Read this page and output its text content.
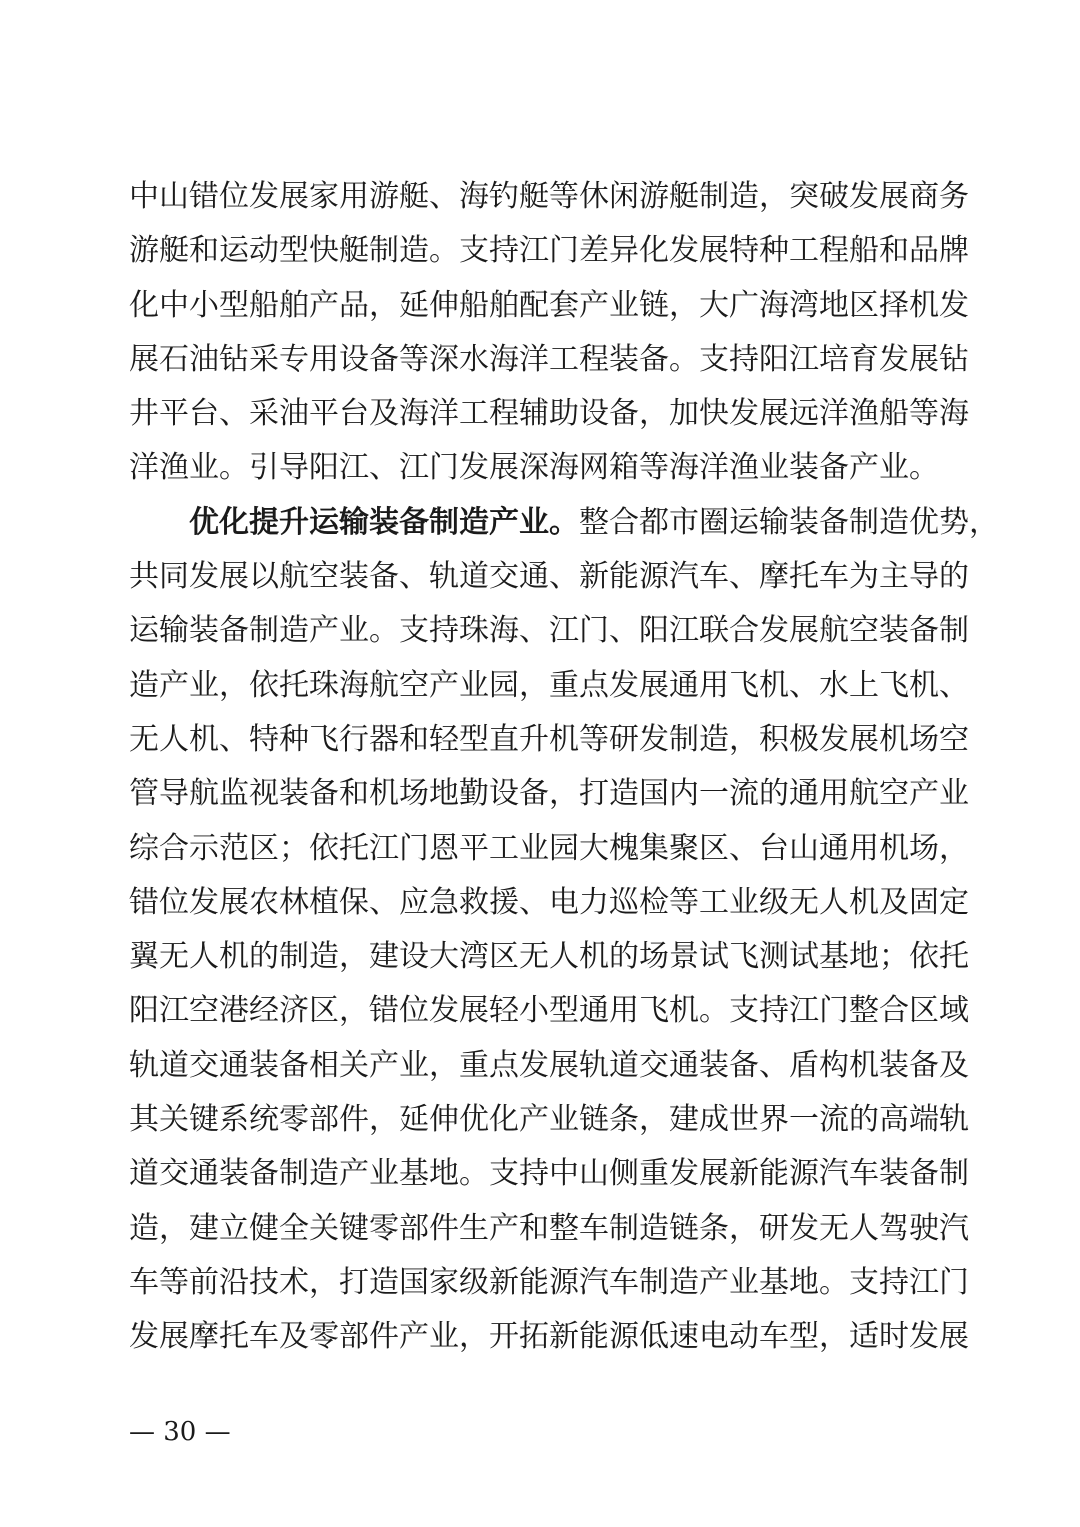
中山错位发展家用游艇、海钓艇等休闲游艇制造，突破发展商务
游艇和运动型快艇制造。支持江门差异化发展特种工程船和品牌
化中小型船舶产品，延伸船舶配套产业链，大广海湾地区择机发
展石油钻采专用设备等深水海洋工程装备。支持阳江培育发展钻
井平台、采油平台及海洋工程辅助设备，加快发展远洋渔船等海
洋渔业。引导阳江、江门发展深海网箱等海洋渔业装备产业。
优化提升运输装备制造产业。整合都市圈运输装备制造优势，
共同发展以航空装备、轨道交通、新能源汽车、摩托车为主导的
运输装备制造产业。支持珠海、江门、阳江联合发展航空装备制
造产业，依托珠海航空产业园，重点发展通用飞机、水上飞机、
无人机、特种飞行器和轻型直升机等研发制造，积极发展机场空
管导航监视装备和机场地勤设备，打造国内一流的通用航空产业
综合示范区；依托江门恩平工业园大槐集聚区、台山通用机场，
错位发展农林植保、应急救援、电力巡检等工业级无人机及固定
翼无人机的制造，建设大湾区无人机的场景试飞测试基地；依托
阳江空港经济区，错位发展轻小型通用飞机。支持江门整合区域
轨道交通装备相关产业，重点发展轨道交通装备、盾构机装备及
其关键系统零部件，延伸优化产业链条，建成世界一流的高端轨
道交通装备制造产业基地。支持中山侧重发展新能源汽车装备制
造，建立健全关键零部件生产和整车制造链条，研发无人驾驶汽
车等前沿技术，打造国家级新能源汽车制造产业基地。支持江门
发展摩托车及零部件产业，开拓新能源低速电动车型，适时发展
— 30 —
